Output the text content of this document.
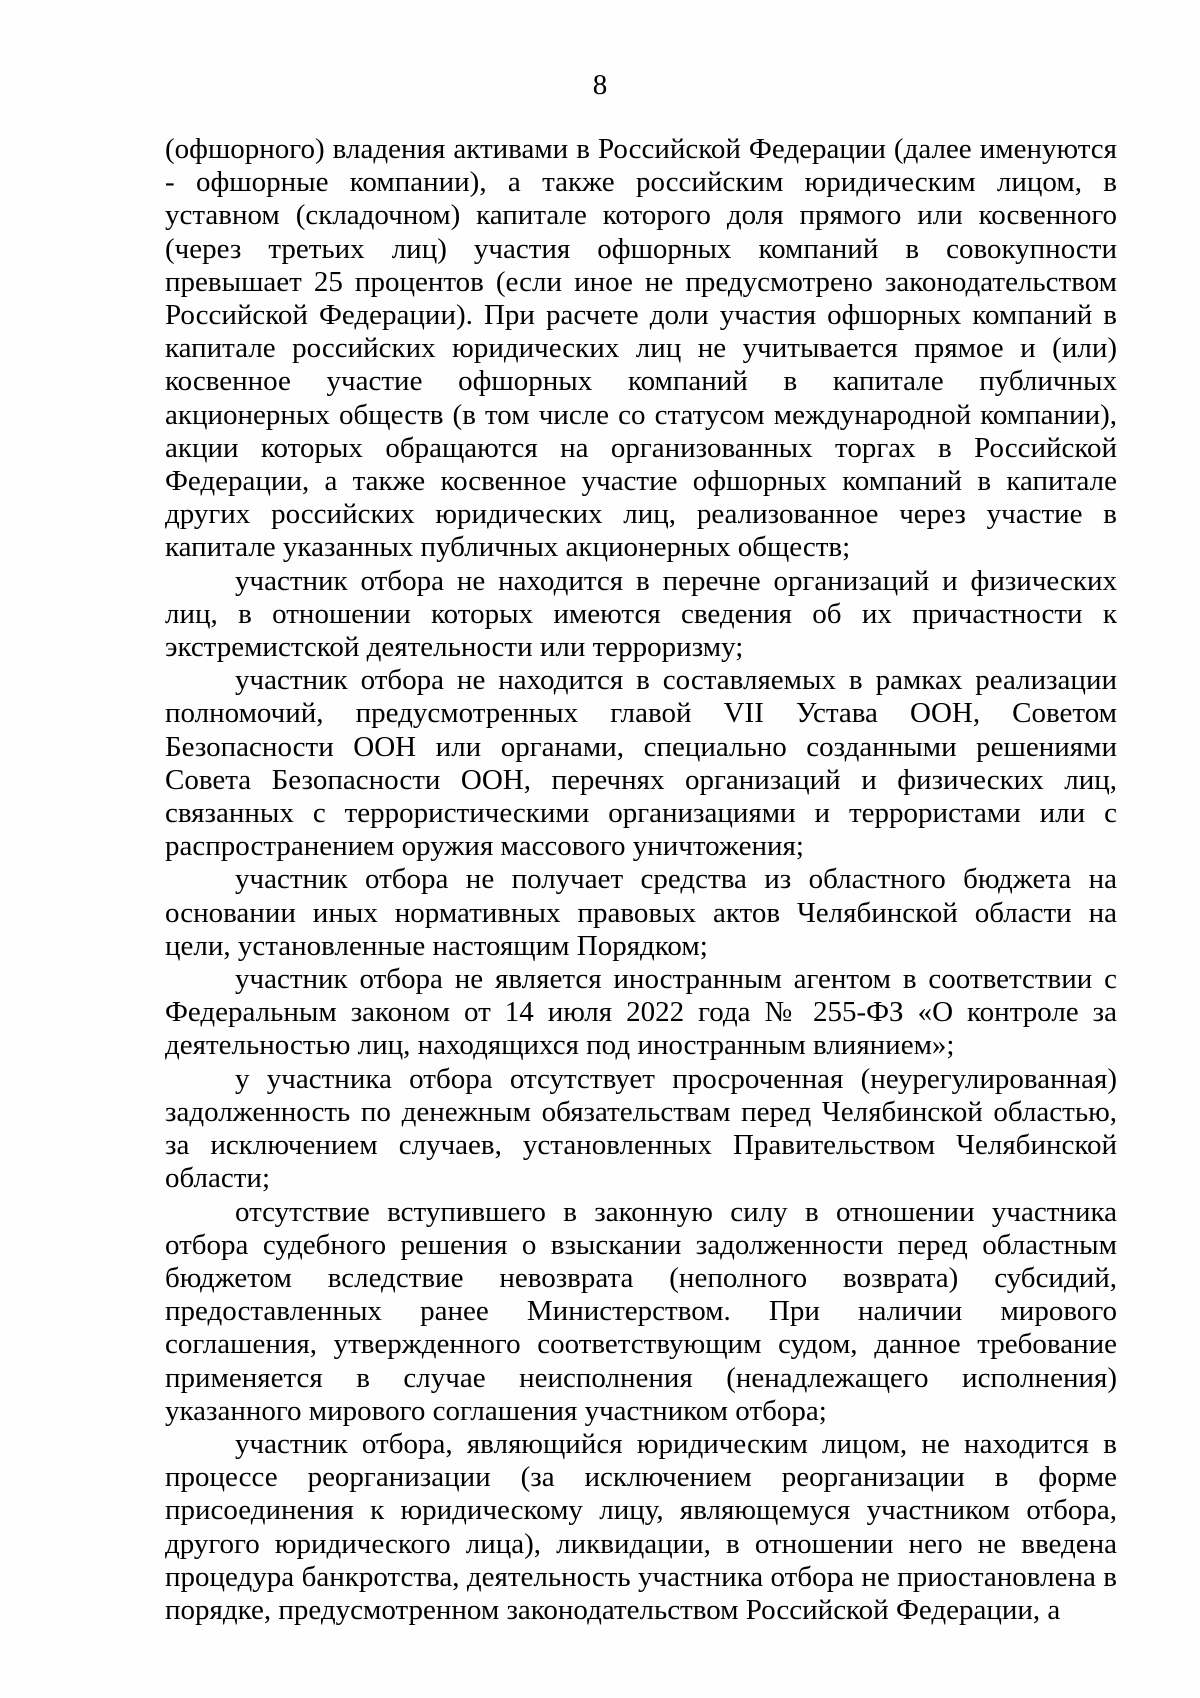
8

(офшорного) владения активами в Российской Федерации (далее именуются - офшорные компании), а также российским юридическим лицом, в уставном (складочном) капитале которого доля прямого или косвенного (через третьих лиц) участия офшорных компаний в совокупности превышает 25 процентов (если иное не предусмотрено законодательством Российской Федерации). При расчете доли участия офшорных компаний в капитале российских юридических лиц не учитывается прямое и (или) косвенное участие офшорных компаний в капитале публичных акционерных обществ (в том числе со статусом международной компании), акции которых обращаются на организованных торгах в Российской Федерации, а также косвенное участие офшорных компаний в капитале других российских юридических лиц, реализованное через участие в капитале указанных публичных акционерных обществ;

участник отбора не находится в перечне организаций и физических лиц, в отношении которых имеются сведения об их причастности к экстремистской деятельности или терроризму;

участник отбора не находится в составляемых в рамках реализации полномочий, предусмотренных главой VII Устава ООН, Советом Безопасности ООН или органами, специально созданными решениями Совета Безопасности ООН, перечнях организаций и физических лиц, связанных с террористическими организациями и террористами или с распространением оружия массового уничтожения;

участник отбора не получает средства из областного бюджета на основании иных нормативных правовых актов Челябинской области на цели, установленные настоящим Порядком;

участник отбора не является иностранным агентом в соответствии с Федеральным законом от 14 июля 2022 года № 255-ФЗ «О контроле за деятельностью лиц, находящихся под иностранным влиянием»;

у участника отбора отсутствует просроченная (неурегулированная) задолженность по денежным обязательствам перед Челябинской областью, за исключением случаев, установленных Правительством Челябинской области;

отсутствие вступившего в законную силу в отношении участника отбора судебного решения о взыскании задолженности перед областным бюджетом вследствие невозврата (неполного возврата) субсидий, предоставленных ранее Министерством. При наличии мирового соглашения, утвержденного соответствующим судом, данное требование применяется в случае неисполнения (ненадлежащего исполнения) указанного мирового соглашения участником отбора;

участник отбора, являющийся юридическим лицом, не находится в процессе реорганизации (за исключением реорганизации в форме присоединения к юридическому лицу, являющемуся участником отбора, другого юридического лица), ликвидации, в отношении него не введена процедура банкротства, деятельность участника отбора не приостановлена в порядке, предусмотренном законодательством Российской Федерации, а
